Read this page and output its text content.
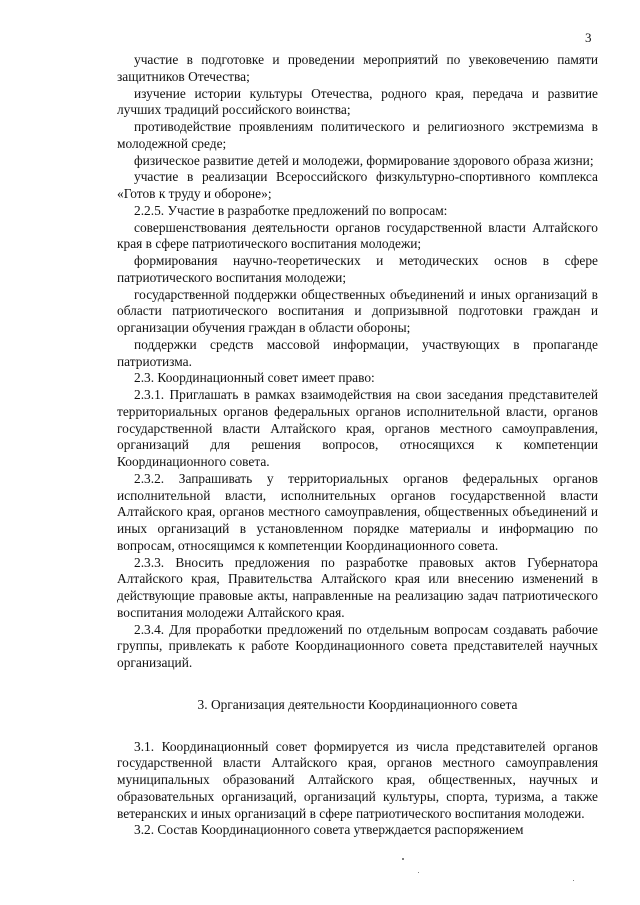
3

участие в подготовке и проведении мероприятий по увековечению памяти защитников Отечества;

изучение истории культуры Отечества, родного края, передача и развитие лучших традиций российского воинства;

противодействие проявлениям политического и религиозного экстремизма в молодежной среде;

физическое развитие детей и молодежи, формирование здорового образа жизни;

участие в реализации Всероссийского физкультурно-спортивного комплекса «Готов к труду и обороне»;

2.2.5. Участие в разработке предложений по вопросам:

совершенствования деятельности органов государственной власти Алтайского края в сфере патриотического воспитания молодежи;

формирования научно-теоретических и методических основ в сфере патриотического воспитания молодежи;

государственной поддержки общественных объединений и иных организаций в области патриотического воспитания и допризывной подготовки граждан и организации обучения граждан в области обороны;

поддержки средств массовой информации, участвующих в пропаганде патриотизма.

2.3. Координационный совет имеет право:

2.3.1. Приглашать в рамках взаимодействия на свои заседания представителей территориальных органов федеральных органов исполнительной власти, органов государственной власти Алтайского края, органов местного самоуправления, организаций для решения вопросов, относящихся к компетенции Координационного совета.

2.3.2. Запрашивать у территориальных органов федеральных органов исполнительной власти, исполнительных органов государственной власти Алтайского края, органов местного самоуправления, общественных объединений и иных организаций в установленном порядке материалы и информацию по вопросам, относящимся к компетенции Координационного совета.

2.3.3. Вносить предложения по разработке правовых актов Губернатора Алтайского края, Правительства Алтайского края или внесению изменений в действующие правовые акты, направленные на реализацию задач патриотического воспитания молодежи Алтайского края.

2.3.4. Для проработки предложений по отдельным вопросам создавать рабочие группы, привлекать к работе Координационного совета представителей научных организаций.

3. Организация деятельности Координационного совета

3.1. Координационный совет формируется из числа представителей органов государственной власти Алтайского края, органов местного самоуправления муниципальных образований Алтайского края, общественных, научных и образовательных организаций, организаций культуры, спорта, туризма, а также ветеранских и иных организаций в сфере патриотического воспитания молодежи.

3.2. Состав Координационного совета утверждается распоряжением
